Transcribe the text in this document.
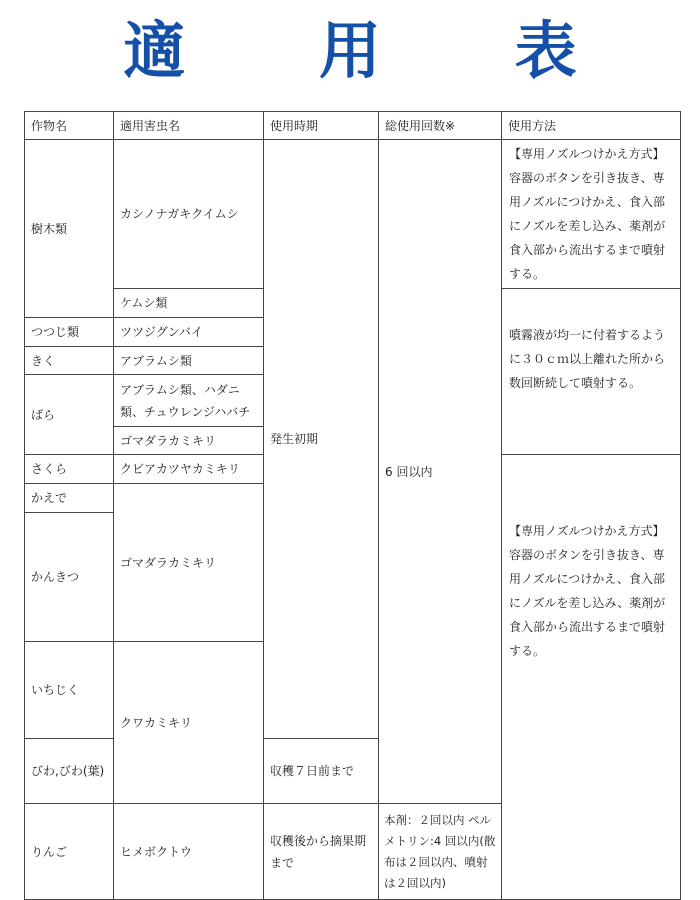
適 用 表
作物名	適用害虫名	使用時期	総使用回数※	使用方法	
樹木類	カシノナガキクイムシ	発生初期	6 回以内	【専用ノズルつけかえ方式】容器のボタンを引き抜き、専用ノズルにつけかえ、食入部にノズルを差し込み、薬剤が食入部から流出するまで噴射する。	
	ケムシ類			噴霧液が均一に付着するように３０ｃｍ以上離れた所から数回断続して噴射する。	
つつじ類	ツツジグンバイ				
きく	アブラムシ類				
ばら	アブラムシ類、ハダニ類、チュウレンジハバチ				
	ゴマダラカミキリ				
さくら	クビアカツヤカミキリ			【専用ノズルつけかえ方式】容器のボタンを引き抜き、専用ノズルにつけかえ、食入部にノズルを差し込み、薬剤が食入部から流出するまで噴射する。	
かえで	ゴマダラカミキリ				
かんきつ	
いちじく	クワカミキリ		
びわ,びわ(葉)		収穫７日前まで	
りんご	ヒメボクトウ	収穫後から摘果期まで	本剤：２回以内 ペルメトリン:4 回以内(散布は２回以内、噴射は２回以内)		
